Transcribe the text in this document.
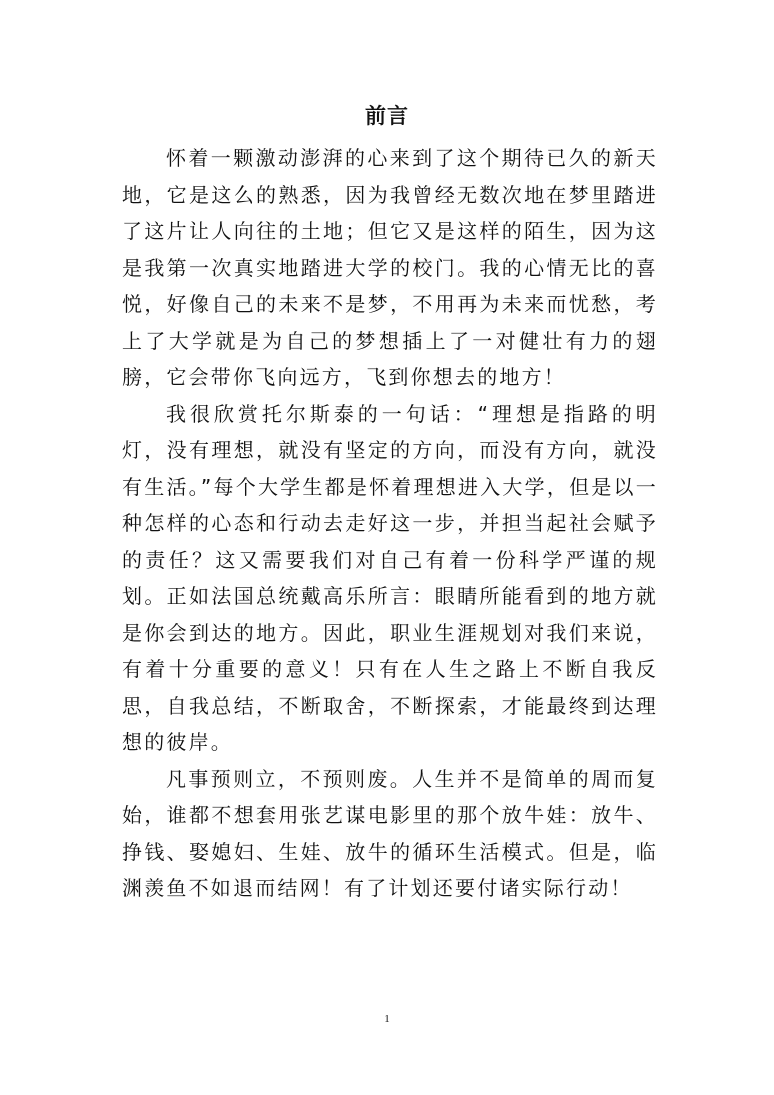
前言

怀着一颗激动澎湃的心来到了这个期待已久的新天地，它是这么的熟悉，因为我曾经无数次地在梦里踏进了这片让人向往的土地；但它又是这样的陌生，因为这是我第一次真实地踏进大学的校门。我的心情无比的喜悦，好像自己的未来不是梦，不用再为未来而忧愁，考上了大学就是为自己的梦想插上了一对健壮有力的翅膀，它会带你飞向远方，飞到你想去的地方！

我很欣赏托尔斯泰的一句话：“理想是指路的明灯，没有理想，就没有坚定的方向，而没有方向，就没有生活。”每个大学生都是怀着理想进入大学，但是以一种怎样的心态和行动去走好这一步，并担当起社会赋予的责任？这又需要我们对自己有着一份科学严谨的规划。正如法国总统戴高乐所言：眼睛所能看到的地方就是你会到达的地方。因此，职业生涯规划对我们来说，有着十分重要的意义！只有在人生之路上不断自我反思，自我总结，不断取舍，不断探索，才能最终到达理想的彼岸。

凡事预则立，不预则废。人生并不是简单的周而复始，谁都不想套用张艺谋电影里的那个放牛娃：放牛、挣钱、娶媳妇、生娃、放牛的循环生活模式。但是，临渊羡鱼不如退而结网！有了计划还要付诸实际行动！

1
